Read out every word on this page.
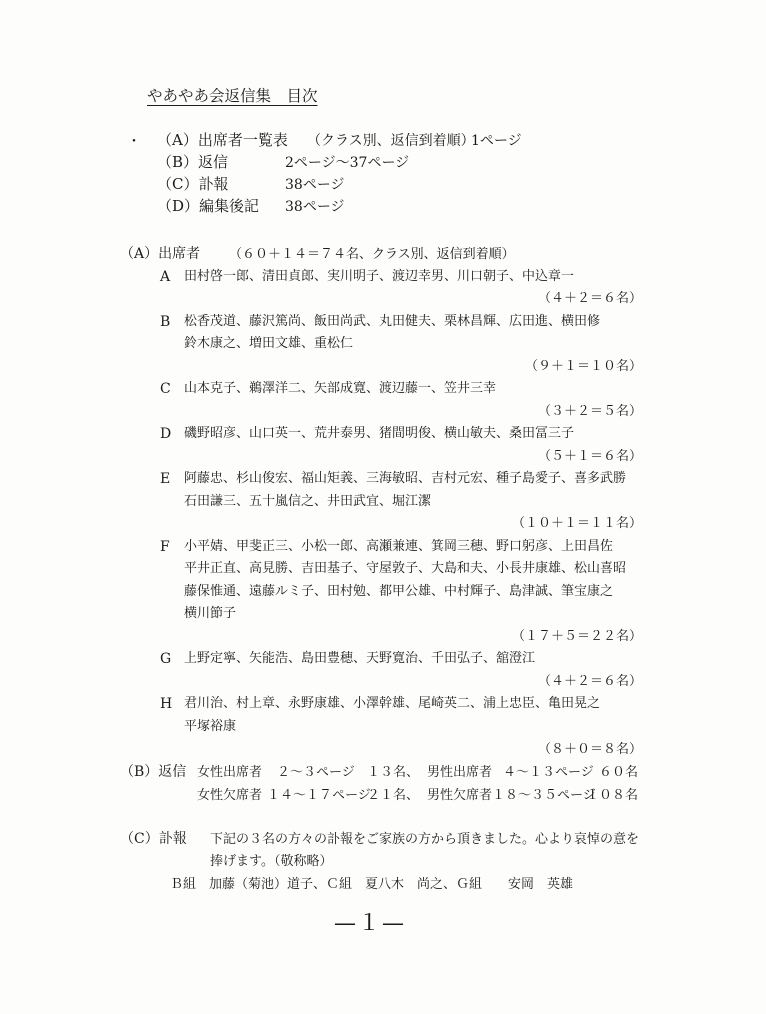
やあやあ会返信集　目次
・ （A）出席者一覧表 （クラス別、返信到着順）
1ページ
（B）返信	2ページ～37ページ
（C）訃報	38ページ
（D）編集後記 38ページ
（A）出席者 （６０＋１４＝７４名、クラス別、返信到着順）
A 田村啓一郎、清田貞郎、実川明子、渡辺幸男、川口朝子、中込章一
（４＋２＝６名）
B 松香茂道、藤沢篤尚、飯田尚武、丸田健夫、栗林昌輝、広田進、横田修
鈴木康之、増田文雄、重松仁
（９＋１＝１０名）
C 山本克子、鵜澤洋二、矢部成寛、渡辺藤一、笠井三幸
（３＋２＝５名）
D 磯野昭彦、山口英一、荒井泰男、猪間明俊、横山敏夫、桑田冨三子
（５＋１＝６名）
E 阿藤忠、杉山俊宏、福山矩義、三海敏昭、吉村元宏、種子島愛子、喜多武勝
石田謙三、五十嵐信之、井田武宜、堀江潔
（１０＋１＝１１名）
F 小平婧、甲斐正三、小松一郎、高瀬兼連、箕岡三穂、野口躬彦、上田昌佐
平井正直、高見勝、吉田基子、守屋敦子、大島和夫、小長井康雄、松山喜昭
藤保惟通、遠藤ルミ子、田村勉、都甲公雄、中村輝子、島津誠、筆宝康之
横川節子
（１７＋５＝２２名）
G 上野定寧、矢能浩、島田豊穂、天野寛治、千田弘子、舘澄江
（４＋２＝６名）
H 君川治、村上章、永野康雄、小澤幹雄、尾崎英二、浦上忠臣、亀田晃之
平塚裕康
（８＋０＝８名）
（B）返信 女性出席者 ２～３ページ １３名、 男性出席者 ４～１３ページ ６０名
女性欠席者 １４～１７ページ
２１名、 男性欠席者 １８～３５ページ
１０８名
（C）訃報 下記の３名の方々の訃報をご家族の方から頂きました。心より哀悼の意を
捧げます。（敬称略）
Ｂ組　加藤（菊池）道子、Ｃ組　夏八木　尚之、Ｇ組　　安岡　英雄
—１—
